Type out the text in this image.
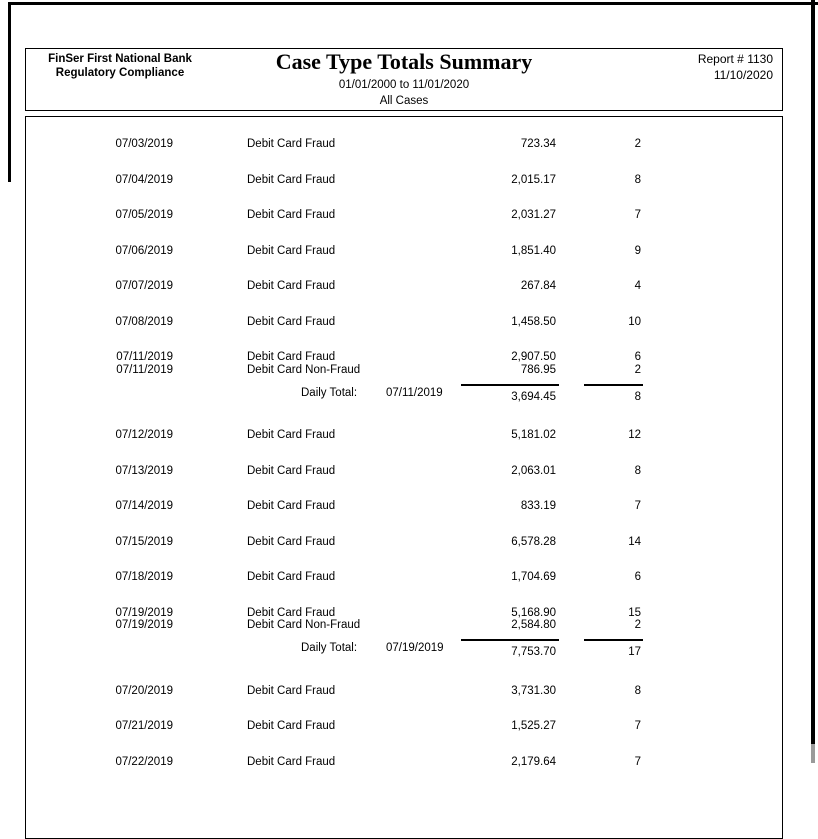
FinSer First National Bank
Regulatory Compliance	Case Type Totals Summary
01/01/2000 to 11/01/2020
All Cases
Report # 1130
11/10/2020
07/03/2019	Debit Card Fraud	723.34	2
07/04/2019	Debit Card Fraud	2,015.17	8
07/05/2019	Debit Card Fraud	2,031.27	7
07/06/2019	Debit Card Fraud	1,851.40	9
07/07/2019	Debit Card Fraud	267.84	4
07/08/2019	Debit Card Fraud	1,458.50	10
07/11/2019	Debit Card Fraud	2,907.50	6
07/11/2019	Debit Card Non-Fraud	786.95	2
Daily Total:	07/11/2019	3,694.45	8
07/12/2019	Debit Card Fraud	5,181.02	12
07/13/2019	Debit Card Fraud	2,063.01	8
07/14/2019	Debit Card Fraud	833.19	7
07/15/2019	Debit Card Fraud	6,578.28	14
07/18/2019	Debit Card Fraud	1,704.69	6
07/19/2019	Debit Card Fraud	5,168.90	15
07/19/2019	Debit Card Non-Fraud	2,584.80	2
Daily Total:	07/19/2019	7,753.70	17
07/20/2019	Debit Card Fraud	3,731.30	8
07/21/2019	Debit Card Fraud	1,525.27	7
07/22/2019	Debit Card Fraud	2,179.64	7
